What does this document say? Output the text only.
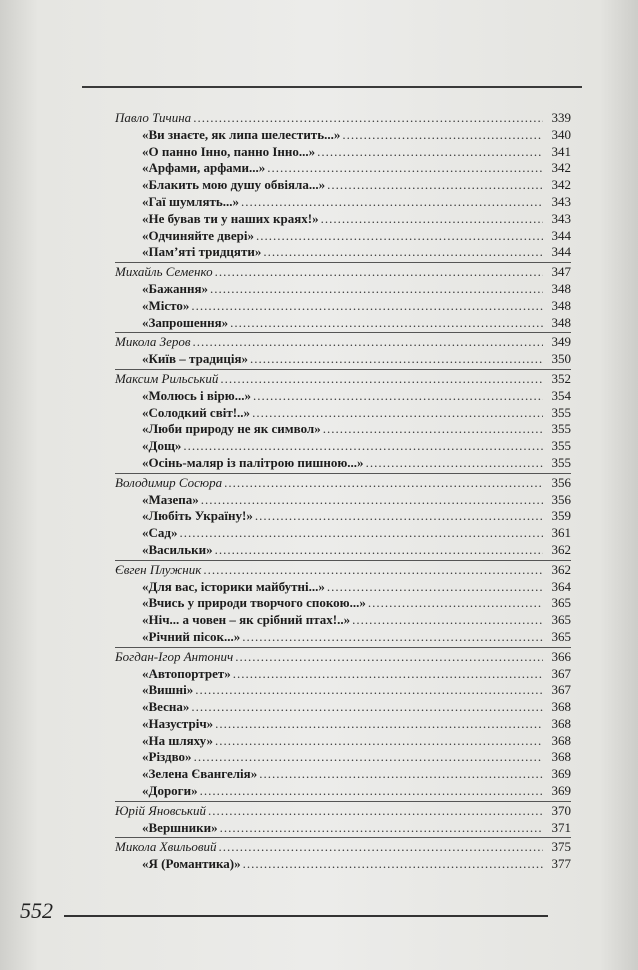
Павло Тичина .....	339
«Ви знаєте, як липа шелестить...» .....	340
«О панно Інно, панно Інно...» .....	341
«Арфами, арфами...» .....	342
«Блакить мою душу обвіяла...» .....	342
«Гаї шумлять...» .....	343
«Не бував ти у наших краях!» .....	343
«Одчиняйте двері» .....	344
«Пам’яті тридцяти» .....	344
Михайль Семенко .....	347
«Бажання» .....	348
«Місто» .....	348
«Запрошення» .....	348
Микола Зеров .....	349
«Київ – традиція» .....	350
Максим Рильський .....	352
«Молюсь і вірю...» .....	354
«Солодкий світ!..» .....	355
«Люби природу не як символ» .....	355
«Дощ» .....	355
«Осінь-маляр із палітрою пишною...» .....	355
Володимир Сосюра .....	356
«Мазепа» .....	356
«Любіть Україну!» .....	359
«Сад» .....	361
«Васильки» .....	362
Євген Плужник .....	362
«Для вас, історики майбутні...» .....	364
«Вчись у природи творчого спокою...» .....	365
«Ніч... а човен – як срібний птах!..» .....	365
«Річний пісок...» .....	365
Богдан-Ігор Антонич .....	366
«Автопортрет» .....	367
«Вишні» .....	367
«Весна» .....	368
«Назустріч» .....	368
«На шляху» .....	368
«Різдво» .....	368
«Зелена Євангелія» .....	369
«Дороги» .....	369
Юрій Яновський .....	370
«Вершники» .....	371
Микола Хвильовий .....	375
«Я (Романтика)» .....	377
552
